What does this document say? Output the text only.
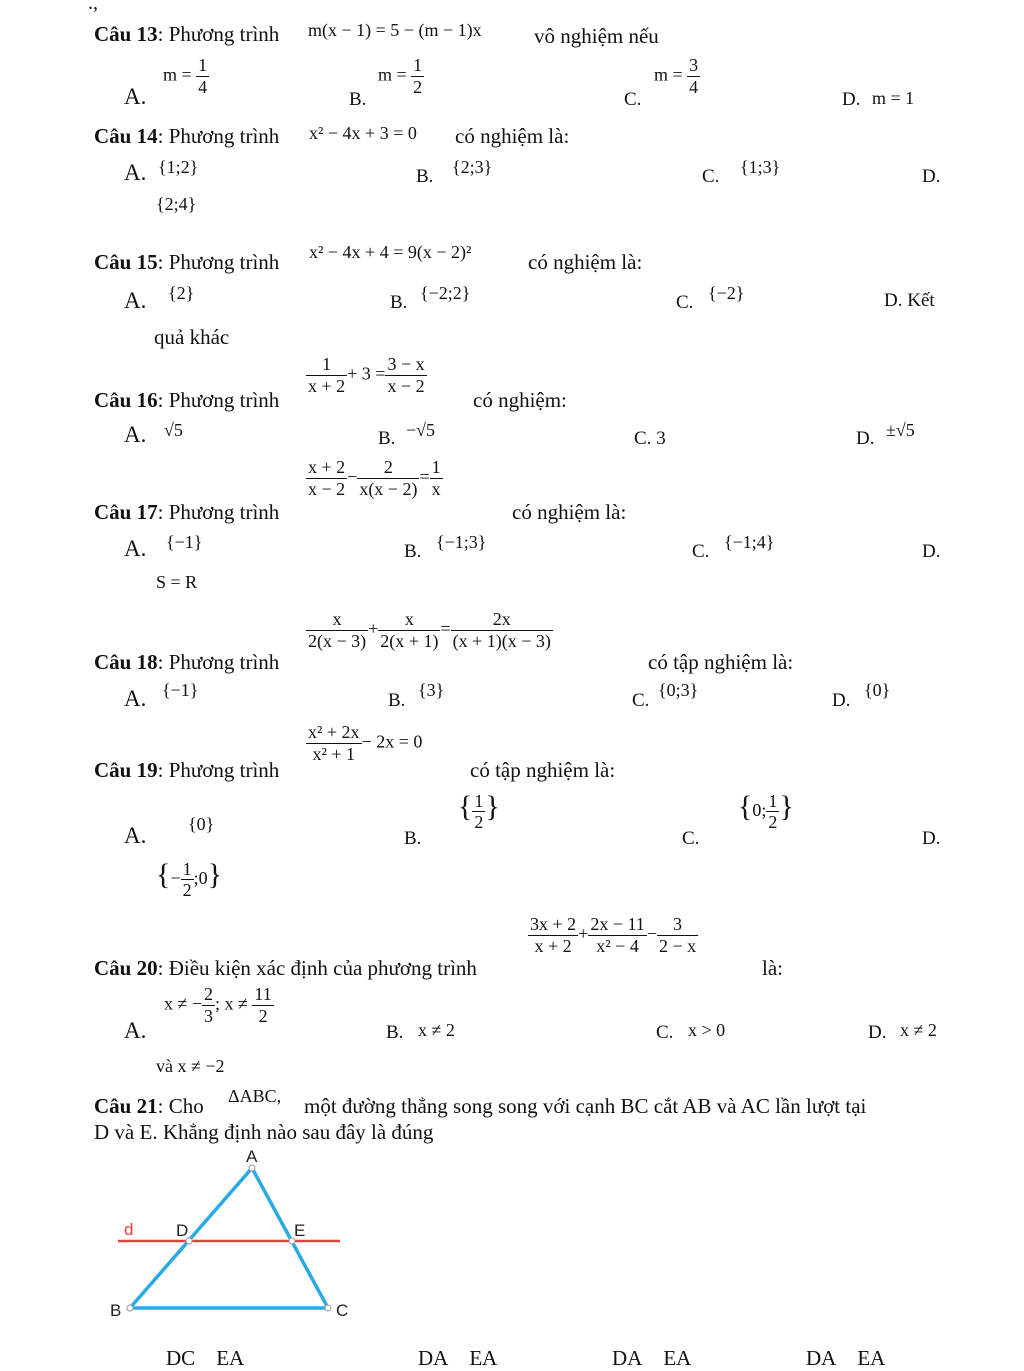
.,
Câu 13: Phương trình m(x − 1) = 5 − (m − 1)x vô nghiệm nếu
A.
$m = \frac{1}{4}$
B.
$m = \frac{1}{2}$
C.
$m = \frac{3}{4}$
D. m = 1
Câu 14: Phương trình x² − 4x + 3 = 0 có nghiệm là:
A. {1;2}	B. {2;3}	C. {1;3}	D.
{2;4}
Câu 15: Phương trình x² − 4x + 4 = 9(x − 2)²	có nghiệm là:
A. {2}	B. {−2;2}	C. {−2}	D. Kết
quả khác
$\frac{1}{x + 2} + 3 = \frac{3 - x}{x - 2}$
Câu 16: Phương trình	có nghiệm:
A. √5	B. −√5	C. 3	D. ±√5
$\frac{x + 2}{x - 2} - \frac{2}{x(x - 2)} = \frac{1}{x}$
Câu 17: Phương trình	có nghiệm là:
A. {−1}	B. {−1;3}	C. {−1;4}	D.
S = R
$\frac{x}{2(x - 3)} + \frac{x}{2(x + 1)} = \frac{2x}{(x + 1)(x - 3)}$
Câu 18: Phương trình	có tập nghiệm là:
A. {−1}	B. {3}	C. {0;3}	D. {0}
$\frac{\text{x² + 2x}}{\text{x² + 1}} - 2x = 0$
Câu 19: Phương trình	có tập nghiệm là:
A. {0}
B.
{ $\frac{1}{2}$ }
C.
{0; $\frac{1}{2}$ }
D.
{− $\frac{1}{2}$ ;0}
$\frac{3x + 2}{x + 2} + \frac{2x - 11}{\text{x² − 4}} - \frac{3}{2 - x}$
Câu 20: Điều kiện xác định của phương trình	là:
A.
x ≠ − $\frac{2}{3}$ ; $x \ne \frac{11}{2}$
và x ≠ −2
B. x ≠ 2	C. x > 0	D. x ≠ 2
Câu 21: Cho ΔABC, một đường thẳng song song với cạnh BC cắt AB và AC lần lượt tại
D và E. Khẳng định nào sau đây là đúng
A
B	C
D	E
d
DC EA	DA EA	DA EA	DA EA
